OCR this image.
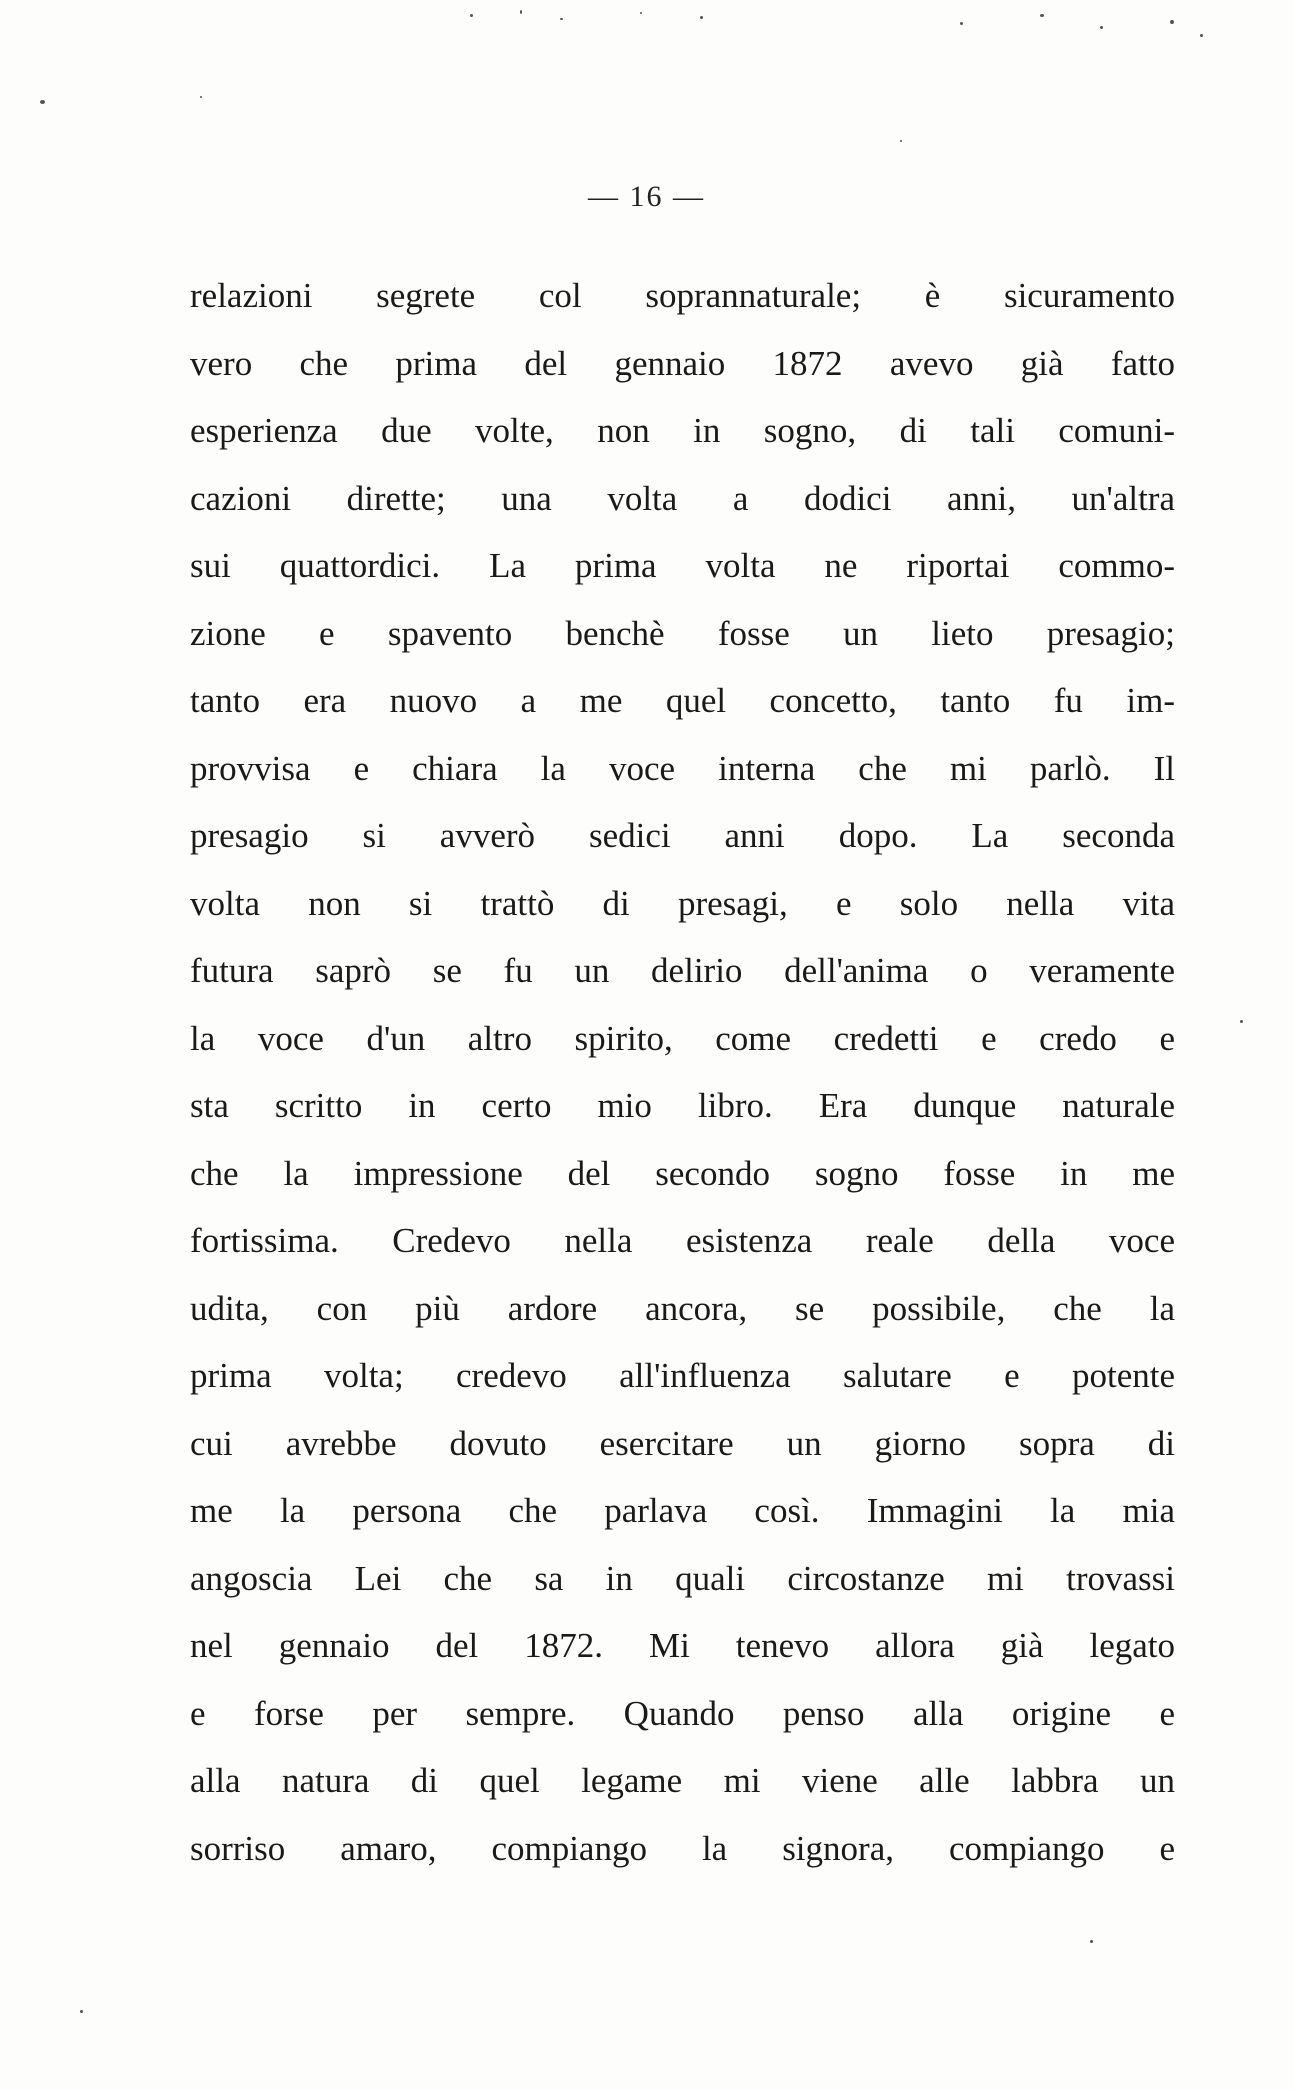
— 16 —
relazioni segrete col soprannaturale; è sicuramento
vero che prima del gennaio 1872 avevo già fatto
esperienza due volte, non in sogno, di tali comuni-
cazioni dirette; una volta a dodici anni, un'altra
sui quattordici. La prima volta ne riportai commo-
zione e spavento benchè fosse un lieto presagio;
tanto era nuovo a me quel concetto, tanto fu im-
provvisa e chiara la voce interna che mi parlò. Il
presagio si avverò sedici anni dopo. La seconda
volta non si trattò di presagi, e solo nella vita
futura saprò se fu un delirio dell'anima o veramente
la voce d'un altro spirito, come credetti e credo e
sta scritto in certo mio libro. Era dunque naturale
che la impressione del secondo sogno fosse in me
fortissima. Credevo nella esistenza reale della voce
udita, con più ardore ancora, se possibile, che la
prima volta; credevo all'influenza salutare e potente
cui avrebbe dovuto esercitare un giorno sopra di
me la persona che parlava così. Immagini la mia
angoscia Lei che sa in quali circostanze mi trovassi
nel gennaio del 1872. Mi tenevo allora già legato
e forse per sempre. Quando penso alla origine e
alla natura di quel legame mi viene alle labbra un
sorriso amaro, compiango la signora, compiango e
